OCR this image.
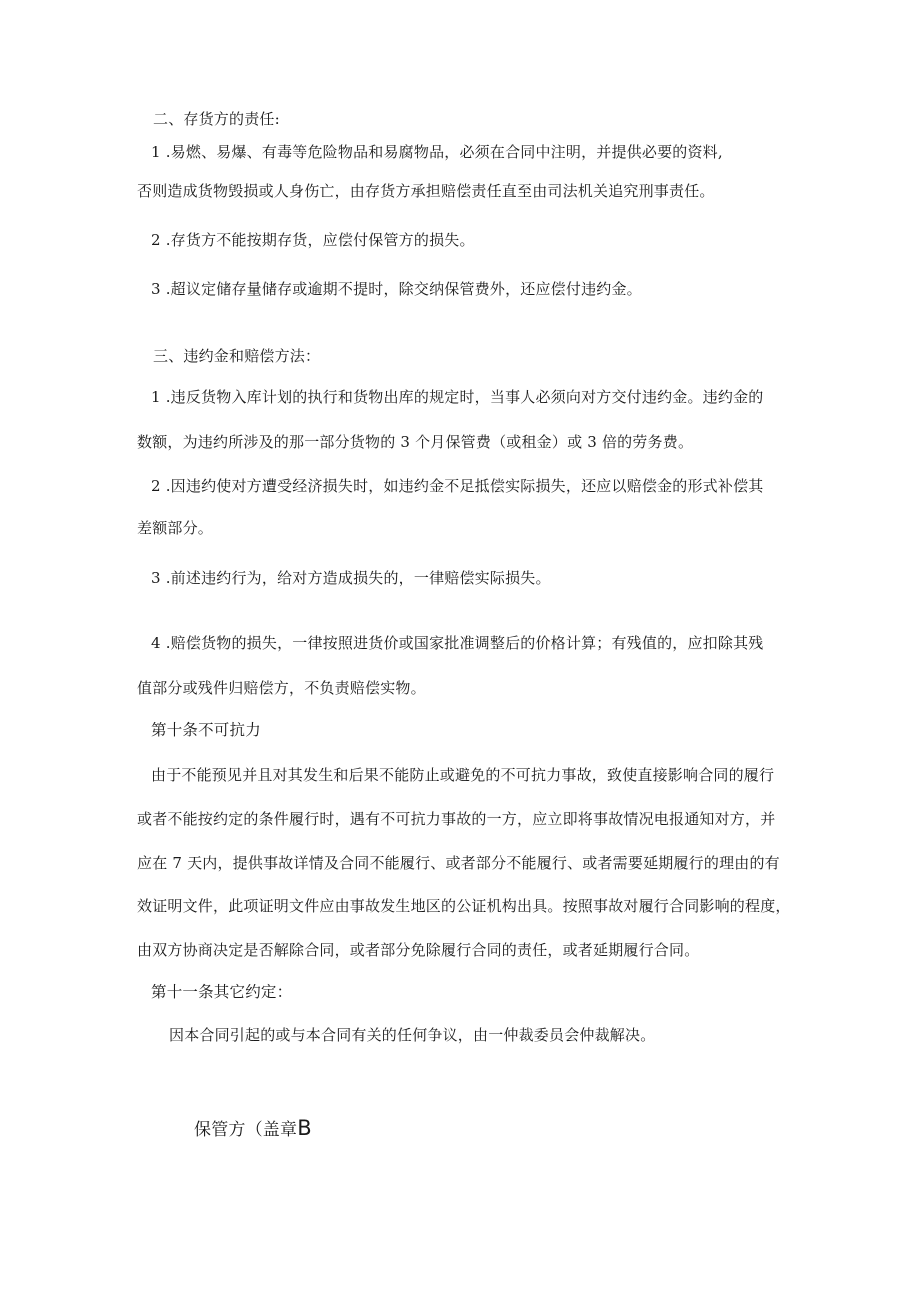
二、存货方的责任:
1 .易燃、易爆、有毒等危险物品和易腐物品，必须在合同中注明，并提供必要的资料,
否则造成货物毁损或人身伤亡，由存货方承担赔偿责任直至由司法机关追究刑事责任。
2 .存货方不能按期存货，应偿付保管方的损失。
3 .超议定储存量储存或逾期不提时，除交纳保管费外，还应偿付违约金。
三、违约金和赔偿方法：
1 .违反货物入库计划的执行和货物出库的规定时，当事人必须向对方交付违约金。违约金的
数额，为违约所涉及的那一部分货物的 3 个月保管费（或租金）或 3 倍的劳务费。
2 .因违约使对方遭受经济损失时，如违约金不足抵偿实际损失，还应以赔偿金的形式补偿其
差额部分。
3 .前述违约行为，给对方造成损失的，一律赔偿实际损失。
4 .赔偿货物的损失，一律按照进货价或国家批准调整后的价格计算；有残值的，应扣除其残
值部分或残件归赔偿方，不负责赔偿实物。
第十条不可抗力
由于不能预见并且对其发生和后果不能防止或避免的不可抗力事故，致使直接影响合同的履行
或者不能按约定的条件履行时，遇有不可抗力事故的一方，应立即将事故情况电报通知对方，并
应在 7 天内，提供事故详情及合同不能履行、或者部分不能履行、或者需要延期履行的理由的有
效证明文件，此项证明文件应由事故发生地区的公证机构出具。按照事故对履行合同影响的程度，
由双方协商决定是否解除合同，或者部分免除履行合同的责任，或者延期履行合同。
第十一条其它约定：
因本合同引起的或与本合同有关的任何争议，由一仲裁委员会仲裁解决。
保管方（盖章B
